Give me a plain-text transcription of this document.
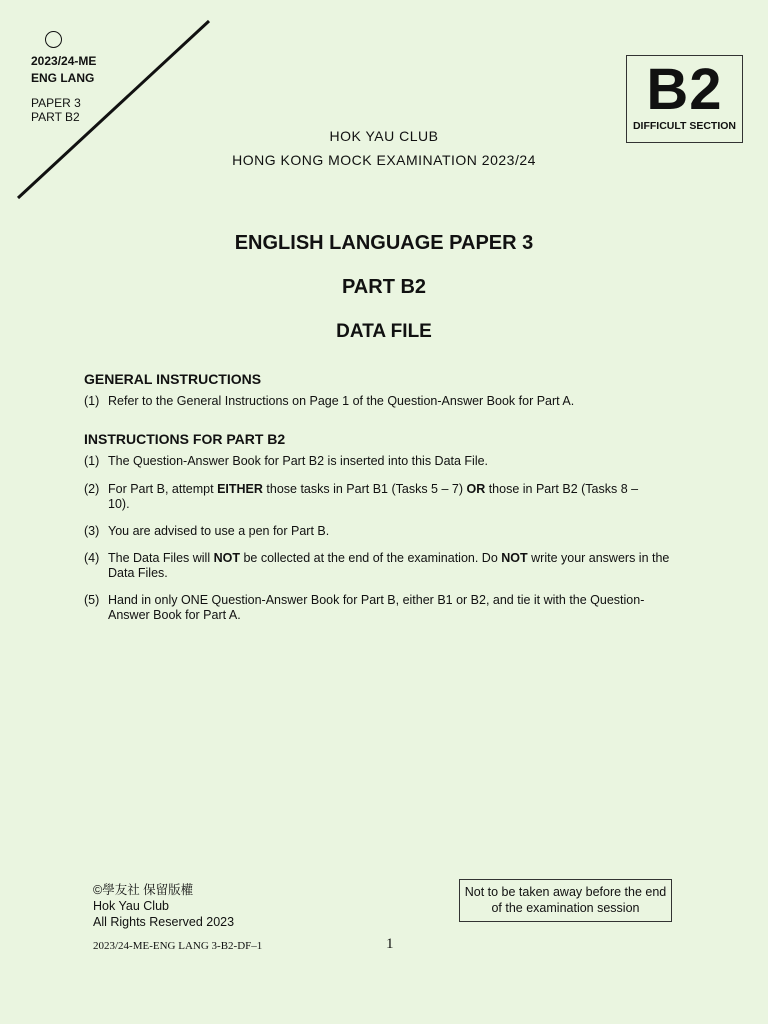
2023/24-ME
ENG LANG
PAPER 3
PART B2	B2
DIFFICULT SECTION
HOK YAU CLUB
HONG KONG MOCK EXAMINATION 2023/24
ENGLISH LANGUAGE PAPER 3
PART B2
DATA FILE
GENERAL INSTRUCTIONS
(1) Refer to the General Instructions on Page 1 of the Question-Answer Book for Part A.
INSTRUCTIONS FOR PART B2
(1) The Question-Answer Book for Part B2 is inserted into this Data File.
(2) For Part B, attempt EITHER those tasks in Part B1 (Tasks 5 – 7) OR those in Part B2 (Tasks 8 – 10).
(3) You are advised to use a pen for Part B.
(4) The Data Files will NOT be collected at the end of the examination. Do NOT write your answers in the Data Files.
(5) Hand in only ONE Question-Answer Book for Part B, either B1 or B2, and tie it with the Question-Answer Book for Part A.
©學友社 保留版權
Hok Yau Club
All Rights Reserved 2023
Not to be taken away before the end of the examination session
2023/24-ME-ENG LANG 3-B2-DF–1	1
